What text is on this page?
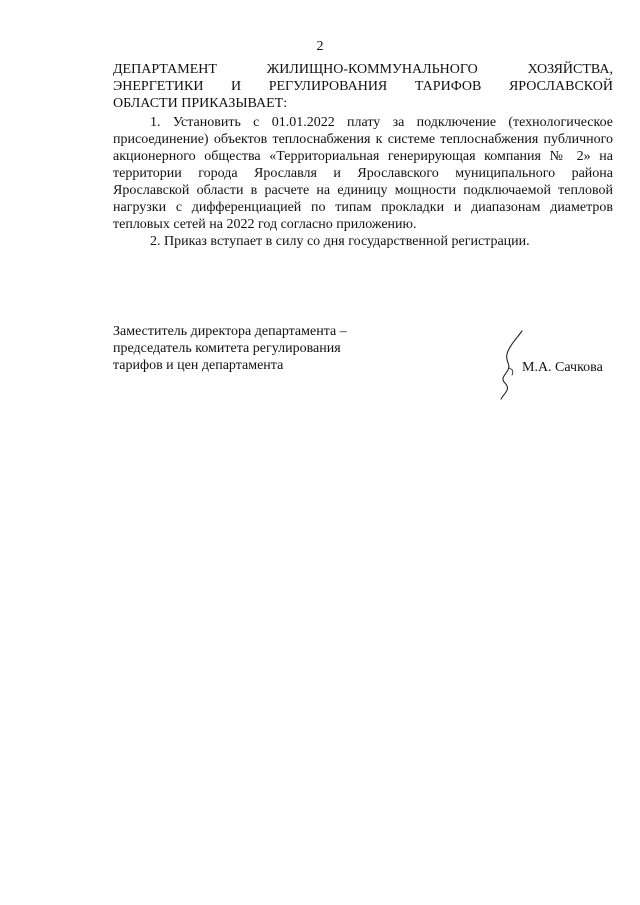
2
ДЕПАРТАМЕНТ	ЖИЛИЩНО-КОММУНАЛЬНОГО	ХОЗЯЙСТВА,
ЭНЕРГЕТИКИ И РЕГУЛИРОВАНИЯ ТАРИФОВ ЯРОСЛАВСКОЙ

ОБЛАСТИ ПРИКАЗЫВАЕТ:

1. Установить с 01.01.2022 плату за подключение (технологическое присоединение) объектов теплоснабжения к системе теплоснабжения публичного акционерного общества «Территориальная генерирующая компания № 2» на территории города Ярославля и Ярославского муниципального района Ярославской области в расчете на единицу мощности подключаемой тепловой нагрузки с дифференциацией по типам прокладки и диапазонам диаметров тепловых сетей на 2022 год согласно приложению.

2. Приказ вступает в силу со дня государственной регистрации.

Заместитель директора департамента –
председатель комитета регулирования
тарифов и цен департамента	М.А. Сачкова
